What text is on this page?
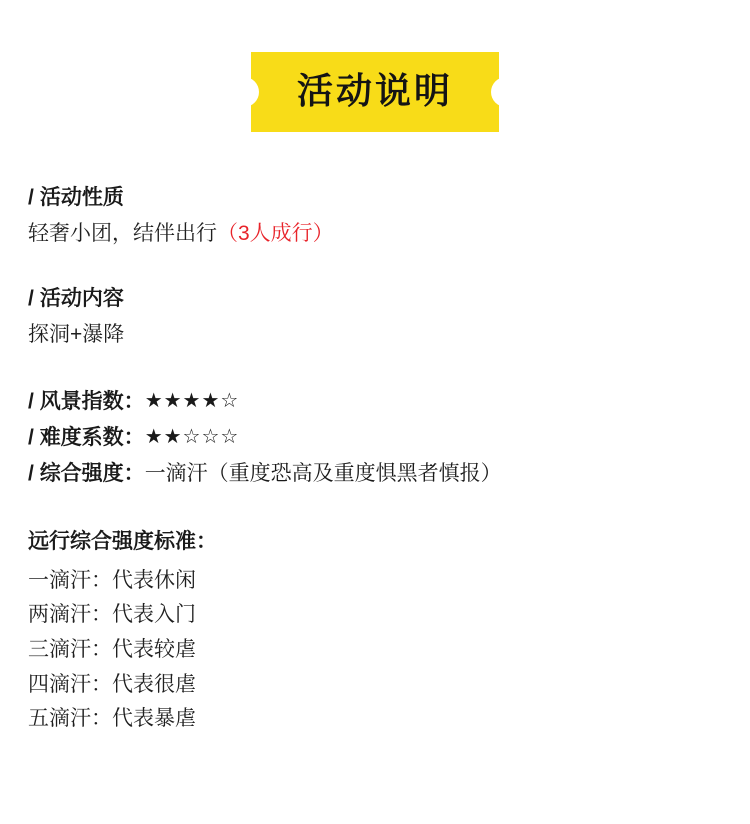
活动说明
/ 活动性质
轻奢小团，结伴出行（3人成行）
/ 活动内容
探洞+瀑降
/ 风景指数：★★★★☆
/ 难度系数：★★☆☆☆
/ 综合强度：一滴汗（重度恐高及重度惧黑者慎报）
远行综合强度标准：
一滴汗：代表休闲
两滴汗：代表入门
三滴汗：代表较虐
四滴汗：代表很虐
五滴汗：代表暴虐
